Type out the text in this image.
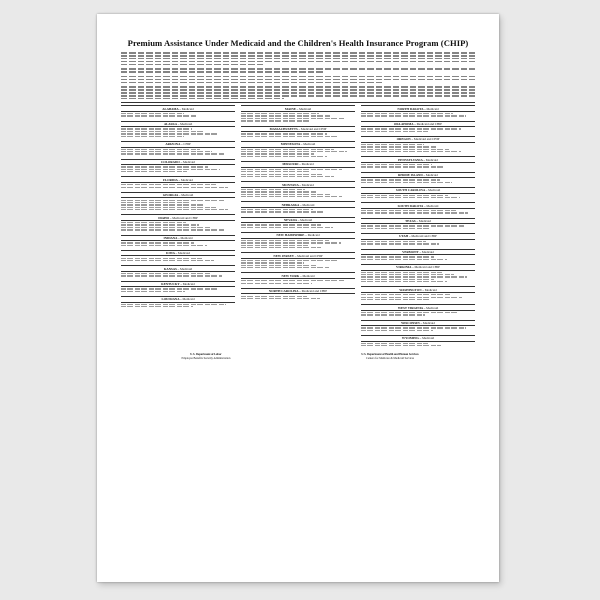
Premium Assistance Under Medicaid and the Children's Health Insurance Program (CHIP)
ALABAMA – Medicaid
ALASKA – Medicaid
ARIZONA – CHIP
COLORADO – Medicaid
FLORIDA – Medicaid
GEORGIA – Medicaid
IDAHO – Medicaid and CHIP
INDIANA – Medicaid
IOWA – Medicaid
KANSAS – Medicaid
KENTUCKY – Medicaid
LOUISIANA – Medicaid
MAINE – Medicaid
MASSACHUSETTS – Medicaid and CHIP
MINNESOTA – Medicaid
MISSOURI – Medicaid
MONTANA – Medicaid
NEBRASKA – Medicaid
NEVADA – Medicaid
NEW HAMPSHIRE – Medicaid
NEW JERSEY – Medicaid and CHIP
NEW YORK – Medicaid
NORTH CAROLINA – Medicaid and CHIP
NORTH DAKOTA – Medicaid
OKLAHOMA – Medicaid and CHIP
OREGON – Medicaid and CHIP
PENNSYLVANIA – Medicaid
RHODE ISLAND – Medicaid
SOUTH CAROLINA – Medicaid
SOUTH DAKOTA – Medicaid
TEXAS – Medicaid
UTAH – Medicaid and CHIP
VERMONT – Medicaid
VIRGINIA – Medicaid and CHIP
WASHINGTON – Medicaid
WEST VIRGINIA – Medicaid
WISCONSIN – Medicaid
WYOMING – Medicaid
U.S. Department of Labor
Employee Benefits Security Administration
U.S. Department of Health and Human Services
Centers for Medicare & Medicaid Services
